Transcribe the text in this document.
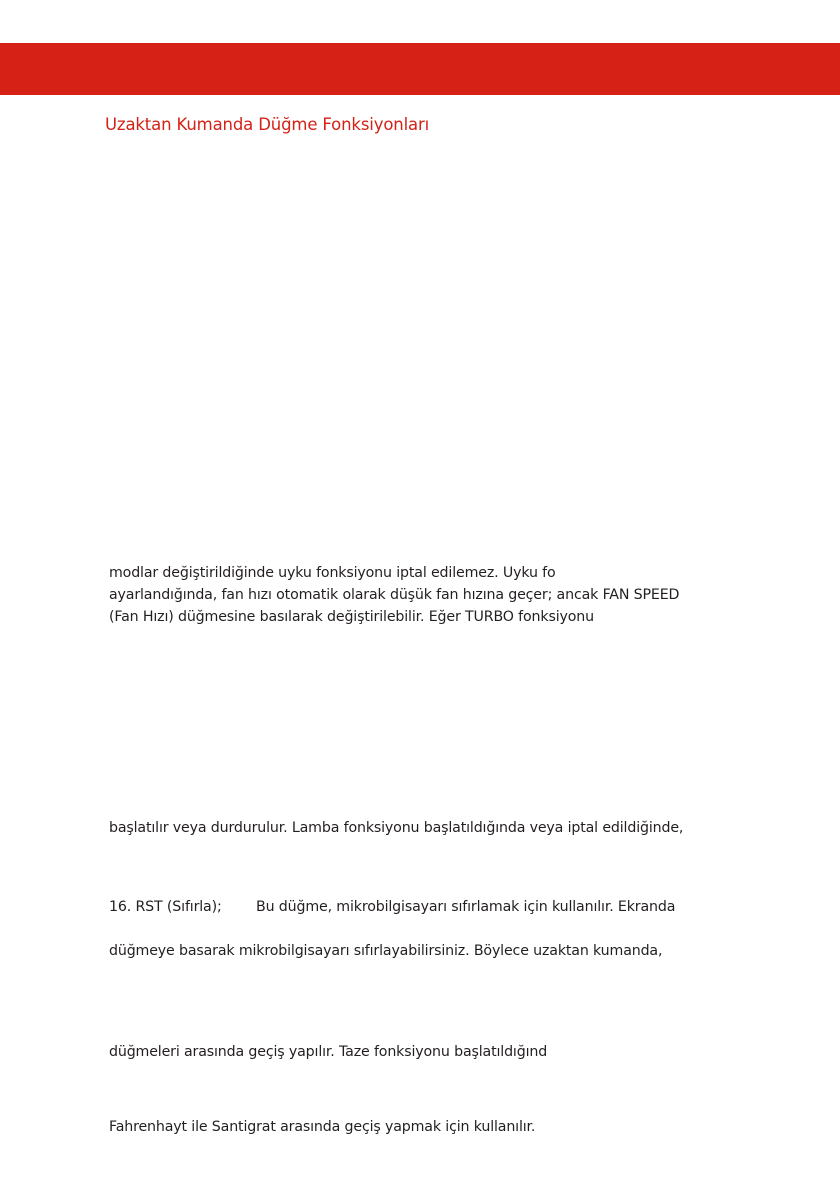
Uzaktan Kumanda Düğme Fonksiyonları

modlar değiştirildiğinde uyku fonksiyonu iptal edilemez. Uyku fo

ayarlandığında, fan hızı otomatik olarak düşük fan hızına geçer; ancak FAN SPEED

(Fan Hızı) düğmesine basılarak değiştirilebilir. Eğer TURBO fonksiyonu

başlatılır veya durdurulur. Lamba fonksiyonu başlatıldığında veya iptal edildiğinde,

16. RST (Sıfırla); Bu düğme, mikrobilgisayarı sıfırlamak için kullanılır. Ekranda

düğmeye basarak mikrobilgisayarı sıfırlayabilirsiniz. Böylece uzaktan kumanda,

düğmeleri arasında geçiş yapılır. Taze fonksiyonu başlatıldığınd

Fahrenhayt ile Santigrat arasında geçiş yapmak için kullanılır.
